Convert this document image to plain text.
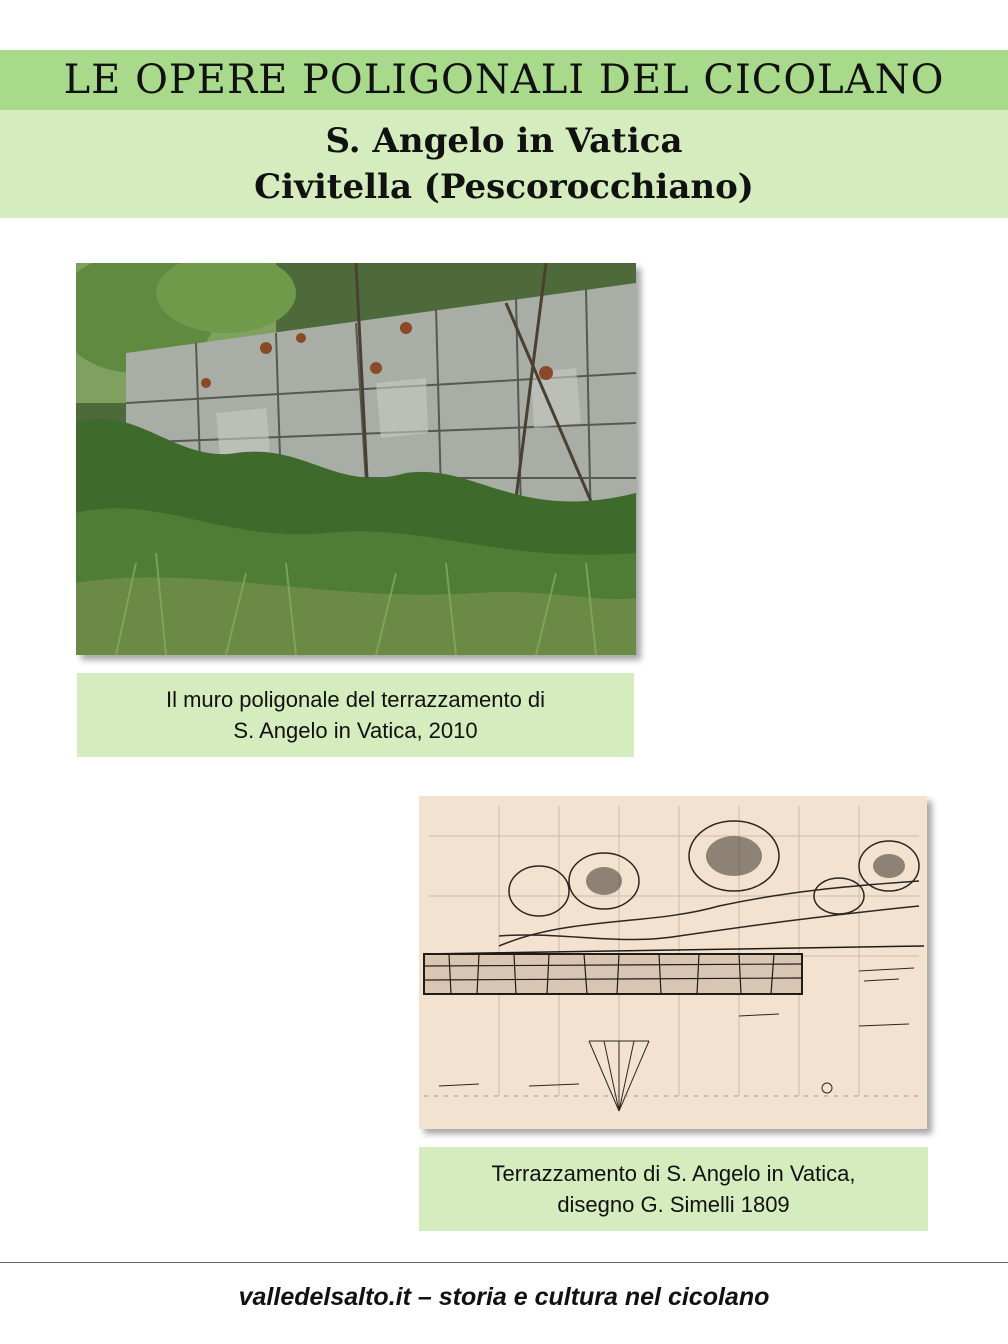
LE OPERE POLIGONALI DEL CICOLANO
S. Angelo in Vatica
Civitella (Pescorocchiano)
Il muro poligonale del terrazzamento di
S. Angelo in Vatica, 2010
Terrazzamento di S. Angelo in Vatica,
disegno G. Simelli 1809
valledelsalto.it – storia e cultura nel cicolano
